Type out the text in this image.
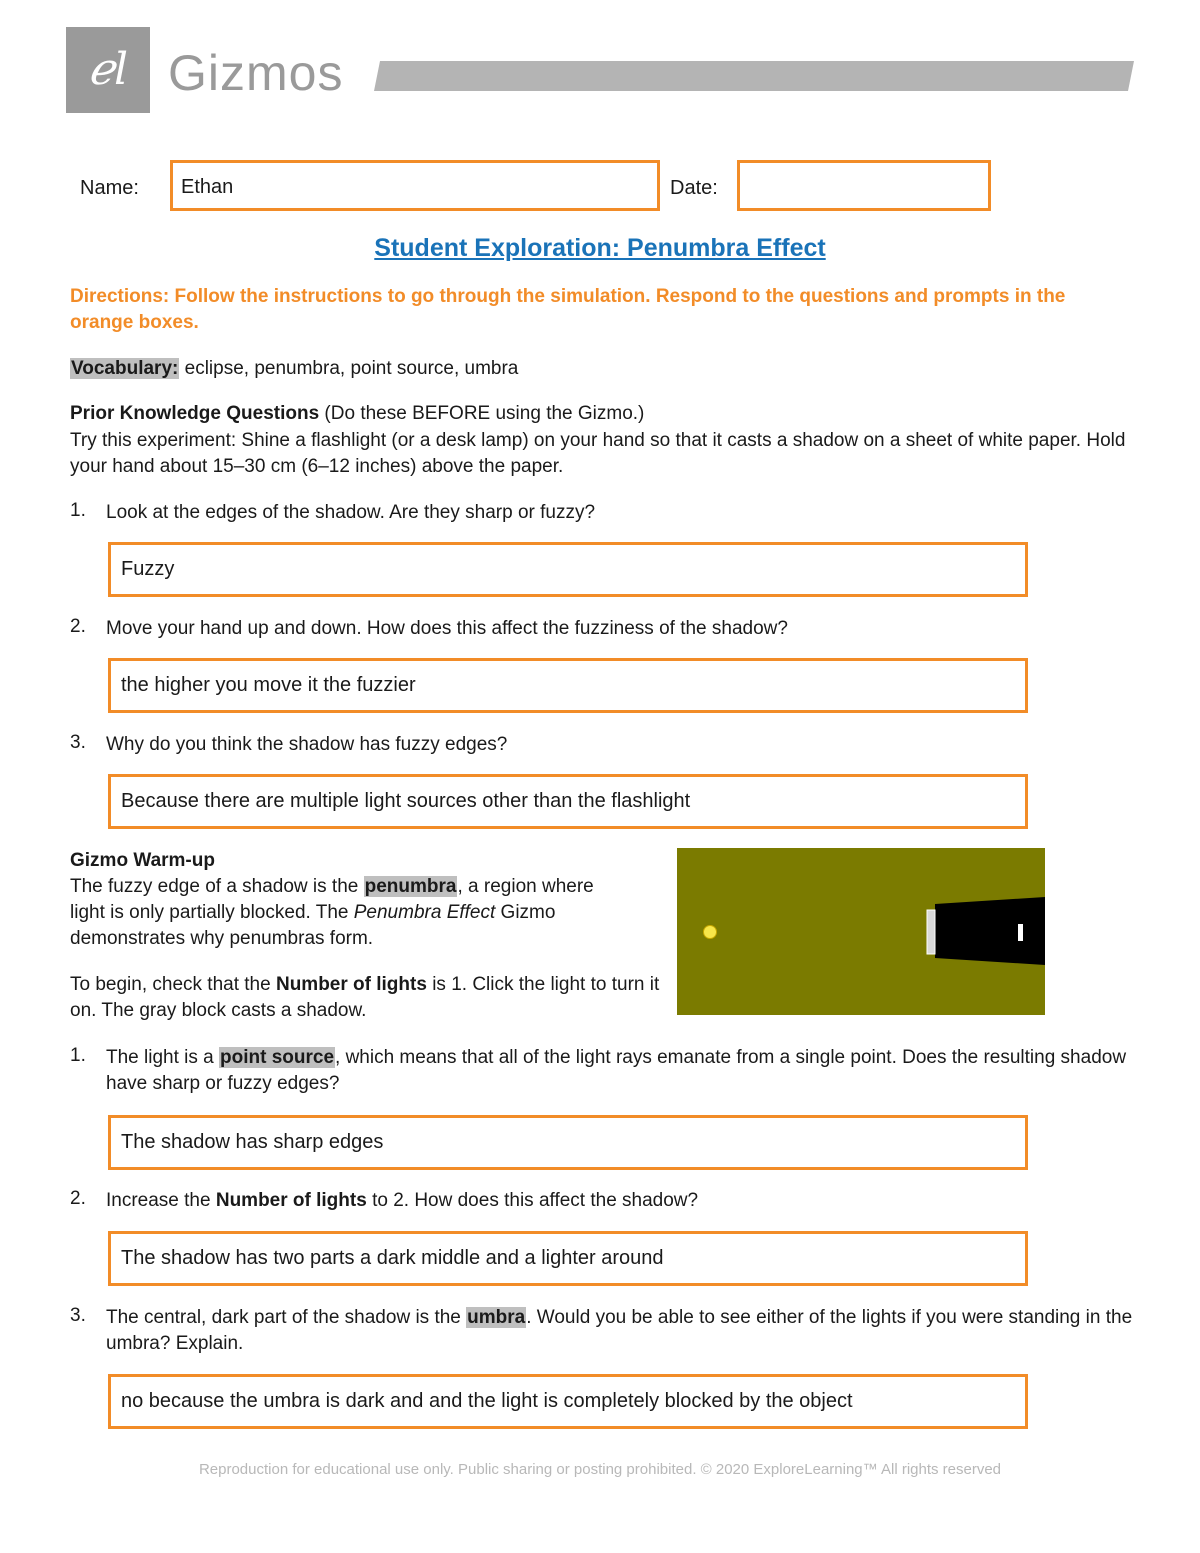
ℯl Gizmos
Name:	Ethan	Date:
Student Exploration: Penumbra Effect
Directions: Follow the instructions to go through the simulation. Respond to the questions and prompts in the orange boxes.
Vocabulary: eclipse, penumbra, point source, umbra
Prior Knowledge Questions (Do these BEFORE using the Gizmo.)
Try this experiment: Shine a flashlight (or a desk lamp) on your hand so that it casts a shadow on a sheet of white paper. Hold your hand about 15–30 cm (6–12 inches) above the paper.
1.	Look at the edges of the shadow. Are they sharp or fuzzy?
Fuzzy
2.	Move your hand up and down. How does this affect the fuzziness of the shadow?
the higher you move it the fuzzier
3.	Why do you think the shadow has fuzzy edges?
Because there are multiple light sources other than the flashlight
Gizmo Warm-up
The fuzzy edge of a shadow is the penumbra, a region where light is only partially blocked. The Penumbra Effect Gizmo demonstrates why penumbras form.
To begin, check that the Number of lights is 1. Click the light to turn it on. The gray block casts a shadow.
1.	The light is a point source, which means that all of the light rays emanate from a single point. Does the resulting shadow have sharp or fuzzy edges?
The shadow has sharp edges
2.	Increase the Number of lights to 2. How does this affect the shadow?
The shadow has two parts a dark middle and a lighter around
3.	The central, dark part of the shadow is the umbra. Would you be able to see either of the lights if you were standing in the umbra? Explain.
no because the umbra is dark and and the light is completely blocked by the object
Reproduction for educational use only. Public sharing or posting prohibited. © 2020 ExploreLearning™ All rights reserved
